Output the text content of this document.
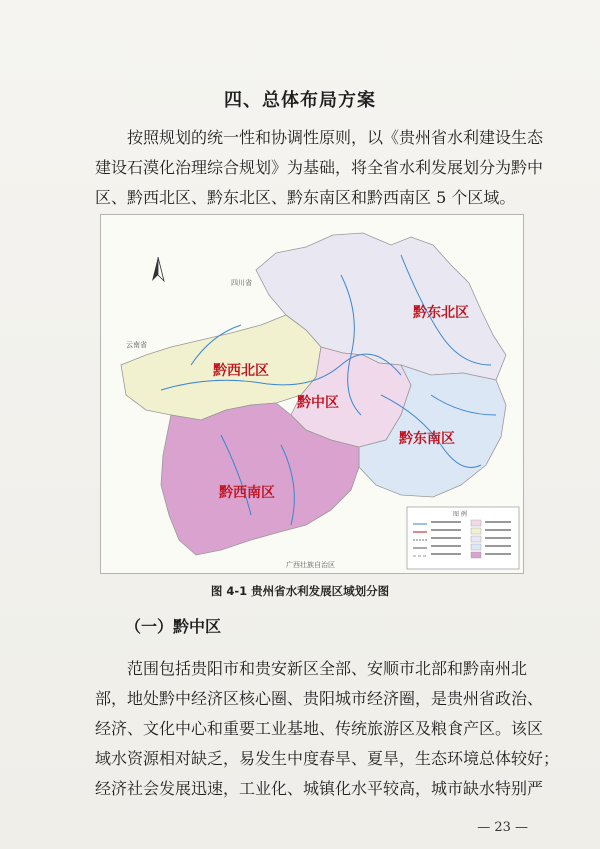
四、总体布局方案
按照规划的统一性和协调性原则，以《贵州省水利建设生态
建设石漠化治理综合规划》为基础，将全省水利发展划分为黔中
区、黔西北区、黔东北区、黔东南区和黔西南区 5 个区域。
黔东北区
黔西北区
黔中区
黔东南区
黔西南区
四川省
云南省
广西壮族自治区
图 例
图 4-1 贵州省水利发展区域划分图
（一）黔中区
范围包括贵阳市和贵安新区全部、安顺市北部和黔南州北
部，地处黔中经济区核心圈、贵阳城市经济圈，是贵州省政治、
经济、文化中心和重要工业基地、传统旅游区及粮食产区。该区
域水资源相对缺乏，易发生中度春旱、夏旱，生态环境总体较好；
经济社会发展迅速，工业化、城镇化水平较高，城市缺水特别严
— 23 —
